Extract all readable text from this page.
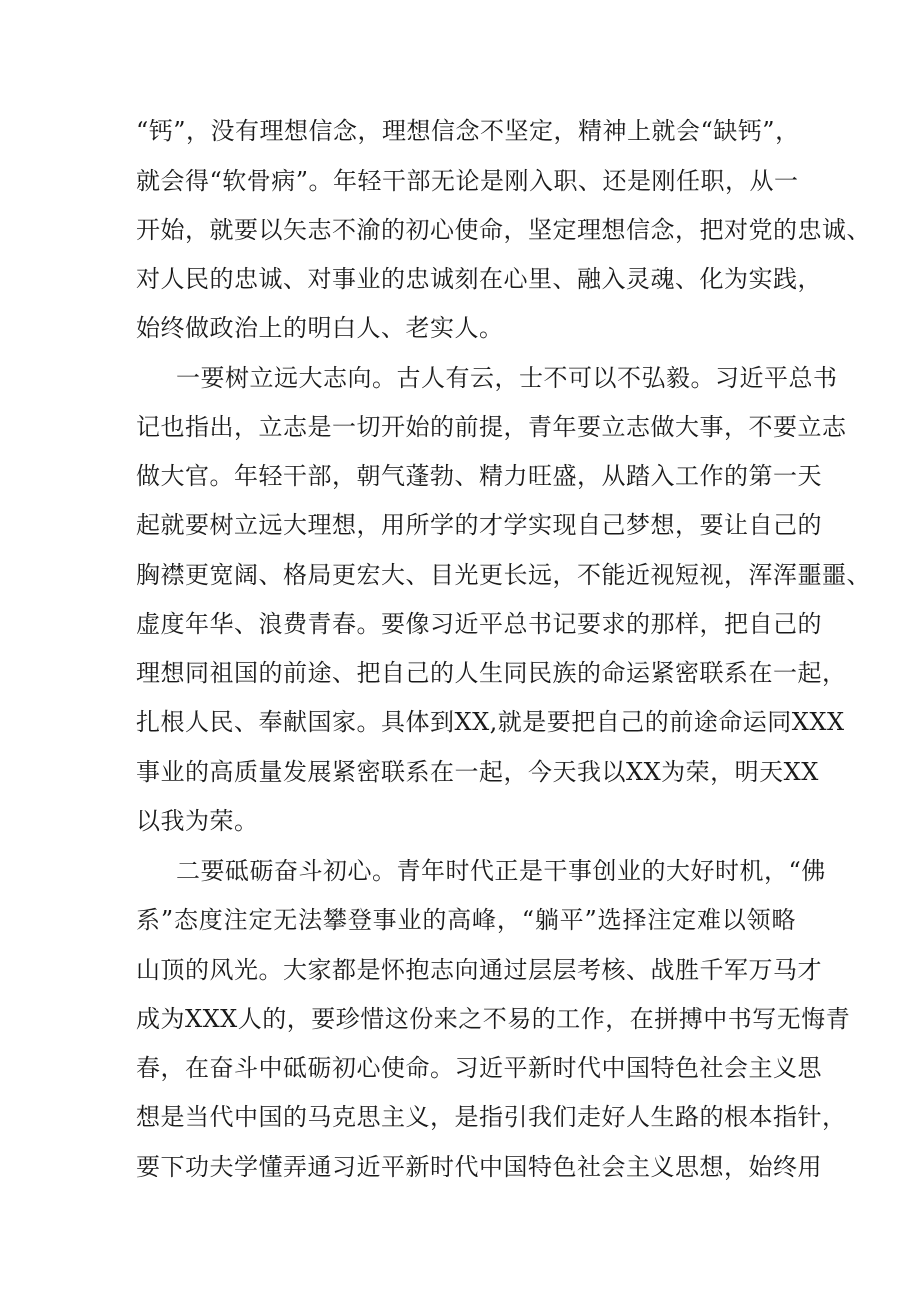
“钙”，没有理想信念，理想信念不坚定，精神上就会“缺钙”，
就会得“软骨病”。年轻干部无论是刚入职、还是刚任职，从一
开始，就要以矢志不渝的初心使命，坚定理想信念，把对党的忠诚、
对人民的忠诚、对事业的忠诚刻在心里、融入灵魂、化为实践，
始终做政治上的明白人、老实人。
一要树立远大志向。古人有云，士不可以不弘毅。习近平总书
记也指出，立志是一切开始的前提，青年要立志做大事，不要立志
做大官。年轻干部，朝气蓬勃、精力旺盛，从踏入工作的第一天
起就要树立远大理想，用所学的才学实现自己梦想，要让自己的
胸襟更宽阔、格局更宏大、目光更长远，不能近视短视，浑浑噩噩、
虚度年华、浪费青春。要像习近平总书记要求的那样，把自己的
理想同祖国的前途、把自己的人生同民族的命运紧密联系在一起，
扎根人民、奉献国家。具体到XX,就是要把自己的前途命运同XXX
事业的高质量发展紧密联系在一起，今天我以XX为荣，明天XX
以我为荣。
二要砥砺奋斗初心。青年时代正是干事创业的大好时机，“佛
系”态度注定无法攀登事业的高峰，“躺平”选择注定难以领略
山顶的风光。大家都是怀抱志向通过层层考核、战胜千军万马才
成为XXX人的，要珍惜这份来之不易的工作，在拼搏中书写无悔青
春，在奋斗中砥砺初心使命。习近平新时代中国特色社会主义思
想是当代中国的马克思主义，是指引我们走好人生路的根本指针，
要下功夫学懂弄通习近平新时代中国特色社会主义思想，始终用
